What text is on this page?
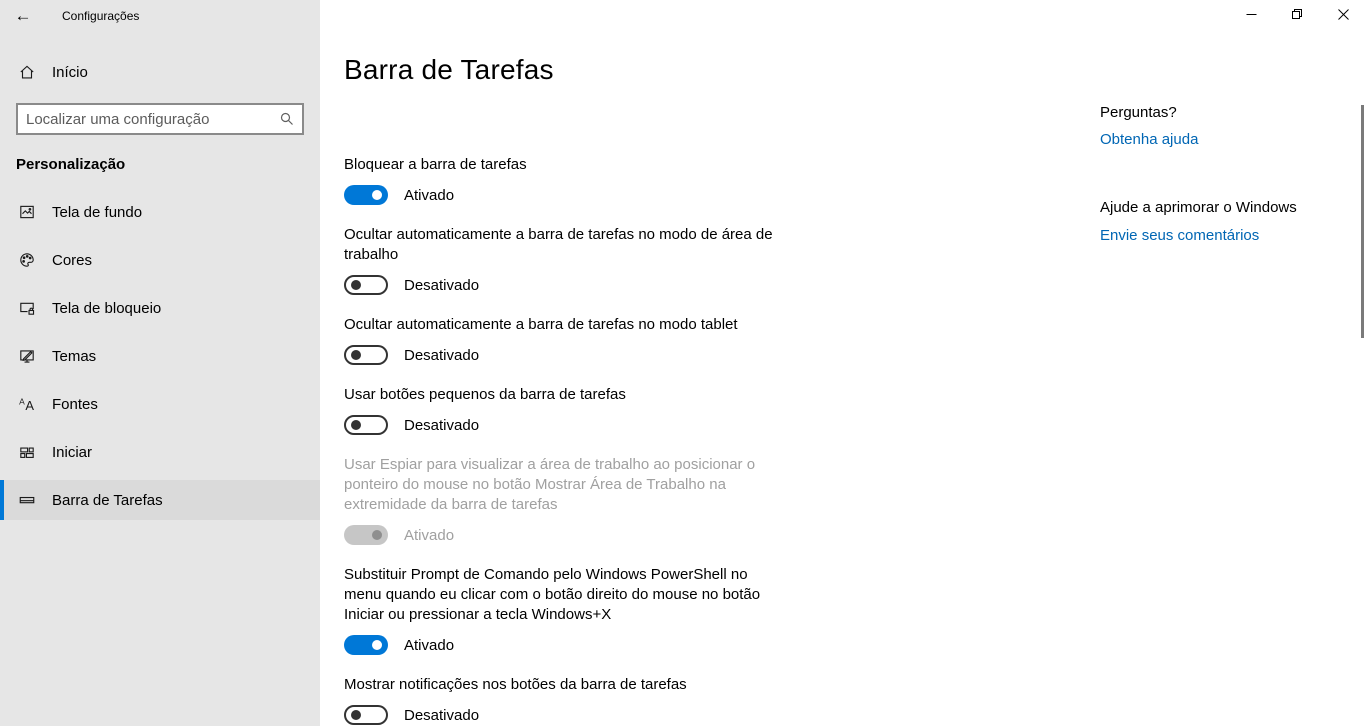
←	Configurações
Início
Localizar uma configuração
Personalização
Tela de fundo
Cores
Tela de bloqueio
Temas
A A Fontes
Iniciar
Barra de Tarefas
Barra de Tarefas
Bloquear a barra de tarefas
Ativado
Ocultar automaticamente a barra de tarefas no modo de área de trabalho
Desativado
Ocultar automaticamente a barra de tarefas no modo tablet
Desativado
Usar botões pequenos da barra de tarefas
Desativado
Usar Espiar para visualizar a área de trabalho ao posicionar o ponteiro do mouse no botão Mostrar Área de Trabalho na extremidade da barra de tarefas
Ativado
Substituir Prompt de Comando pelo Windows PowerShell no menu quando eu clicar com o botão direito do mouse no botão Iniciar ou pressionar a tecla Windows+X
Ativado
Mostrar notificações nos botões da barra de tarefas
Desativado
Perguntas?
Obtenha ajuda
Ajude a aprimorar o Windows
Envie seus comentários
